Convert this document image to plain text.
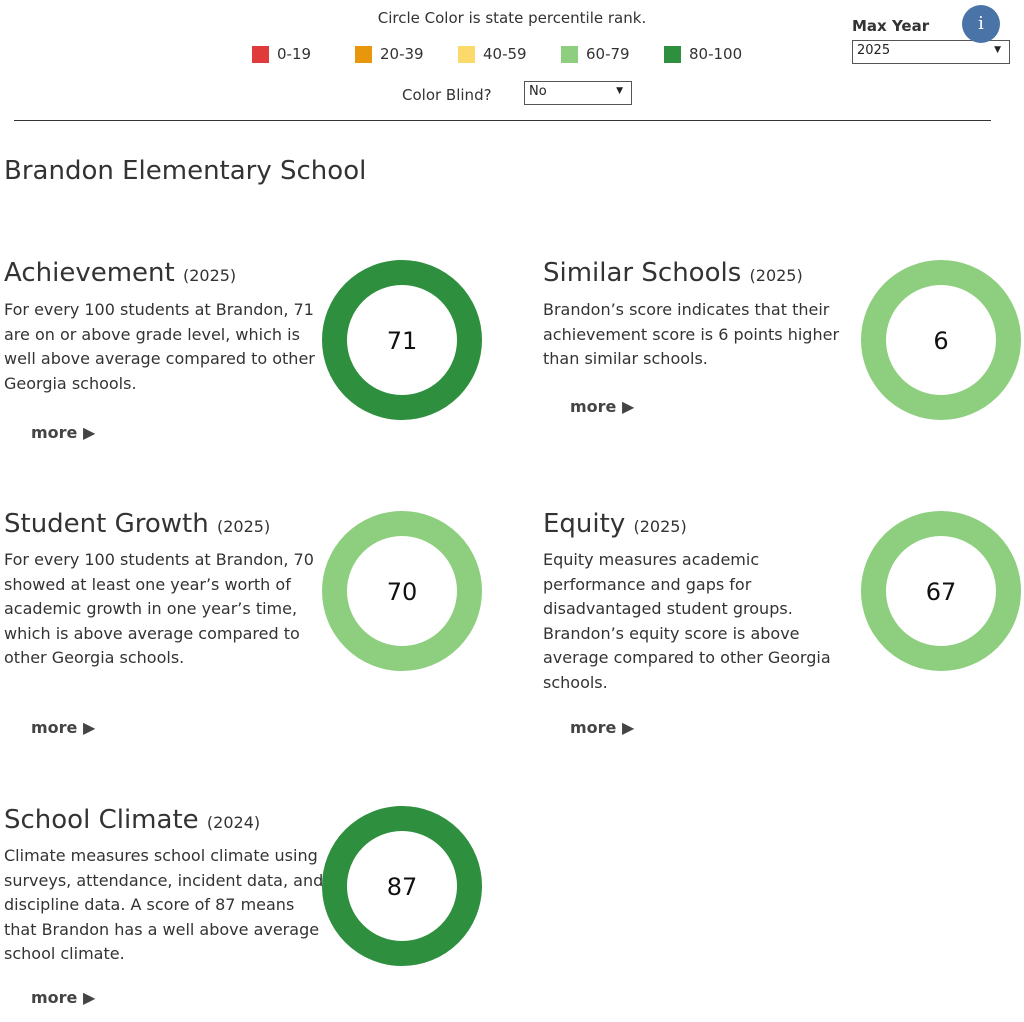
Circle Color is state percentile rank.
0-19	20-39	40-59	60-79	80-100
Color Blind?	No	▼
Max Year
2025	▼
i
Brandon Elementary School
Achievement (2025)
For every 100 students at Brandon, 71
are on or above grade level, which is
well above average compared to other
Georgia schools.
more ▶
71
Similar Schools (2025)
Brandon’s score indicates that their
achievement score is 6 points higher
than similar schools.
more ▶
6
Student Growth (2025)
For every 100 students at Brandon, 70
showed at least one year’s worth of
academic growth in one year’s time,
which is above average compared to
other Georgia schools.
more ▶
70
Equity (2025)
Equity measures academic
performance and gaps for
disadvantaged student groups.
Brandon’s equity score is above
average compared to other Georgia
schools.
more ▶
67
School Climate (2024)
Climate measures school climate using
surveys, attendance, incident data, and
discipline data. A score of 87 means
that Brandon has a well above average
school climate.
more ▶
87
